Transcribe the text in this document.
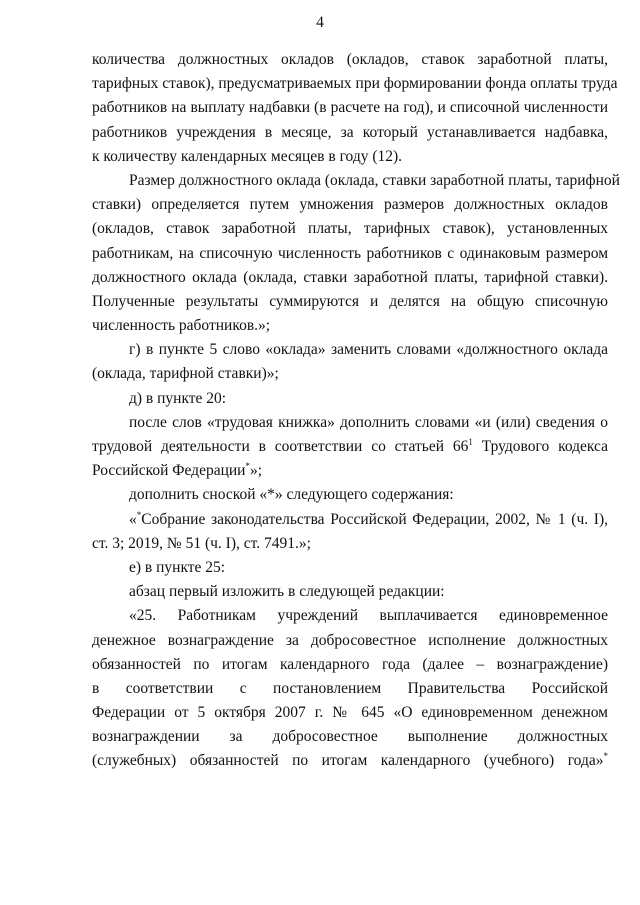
4
количества должностных окладов (окладов, ставок заработной платы,
тарифных ставок), предусматриваемых при формировании фонда оплаты труда
работников на выплату надбавки (в расчете на год), и списочной численности
работников учреждения в месяце, за который устанавливается надбавка,
к количеству календарных месяцев в году (12).
Размер должностного оклада (оклада, ставки заработной платы, тарифной
ставки) определяется путем умножения размеров должностных окладов
(окладов, ставок заработной платы, тарифных ставок), установленных
работникам, на списочную численность работников с одинаковым размером
должностного оклада (оклада, ставки заработной платы, тарифной ставки).
Полученные результаты суммируются и делятся на общую списочную
численность работников.»;
г) в пункте 5 слово «оклада» заменить словами «должностного оклада
(оклада, тарифной ставки)»;
д) в пункте 20:
после слов «трудовая книжка» дополнить словами «и (или) сведения о
трудовой деятельности в соответствии со статьей $66^1$ Трудового кодекса
Российской Федерации*»;
дополнить сноской «*» следующего содержания:
«*Собрание законодательства Российской Федерации, 2002, № 1 (ч. I),
ст. 3; 2019, № 51 (ч. I), ст. 7491.»;
е) в пункте 25:
абзац первый изложить в следующей редакции:
«25. Работникам учреждений выплачивается единовременное
денежное вознаграждение за добросовестное исполнение должностных
обязанностей по итогам календарного года (далее – вознаграждение)
в соответствии с постановлением Правительства Российской
Федерации от 5 октября 2007 г. № 645 «О единовременном денежном
вознаграждении за добросовестное выполнение должностных
(служебных) обязанностей по итогам календарного (учебного) года»*
